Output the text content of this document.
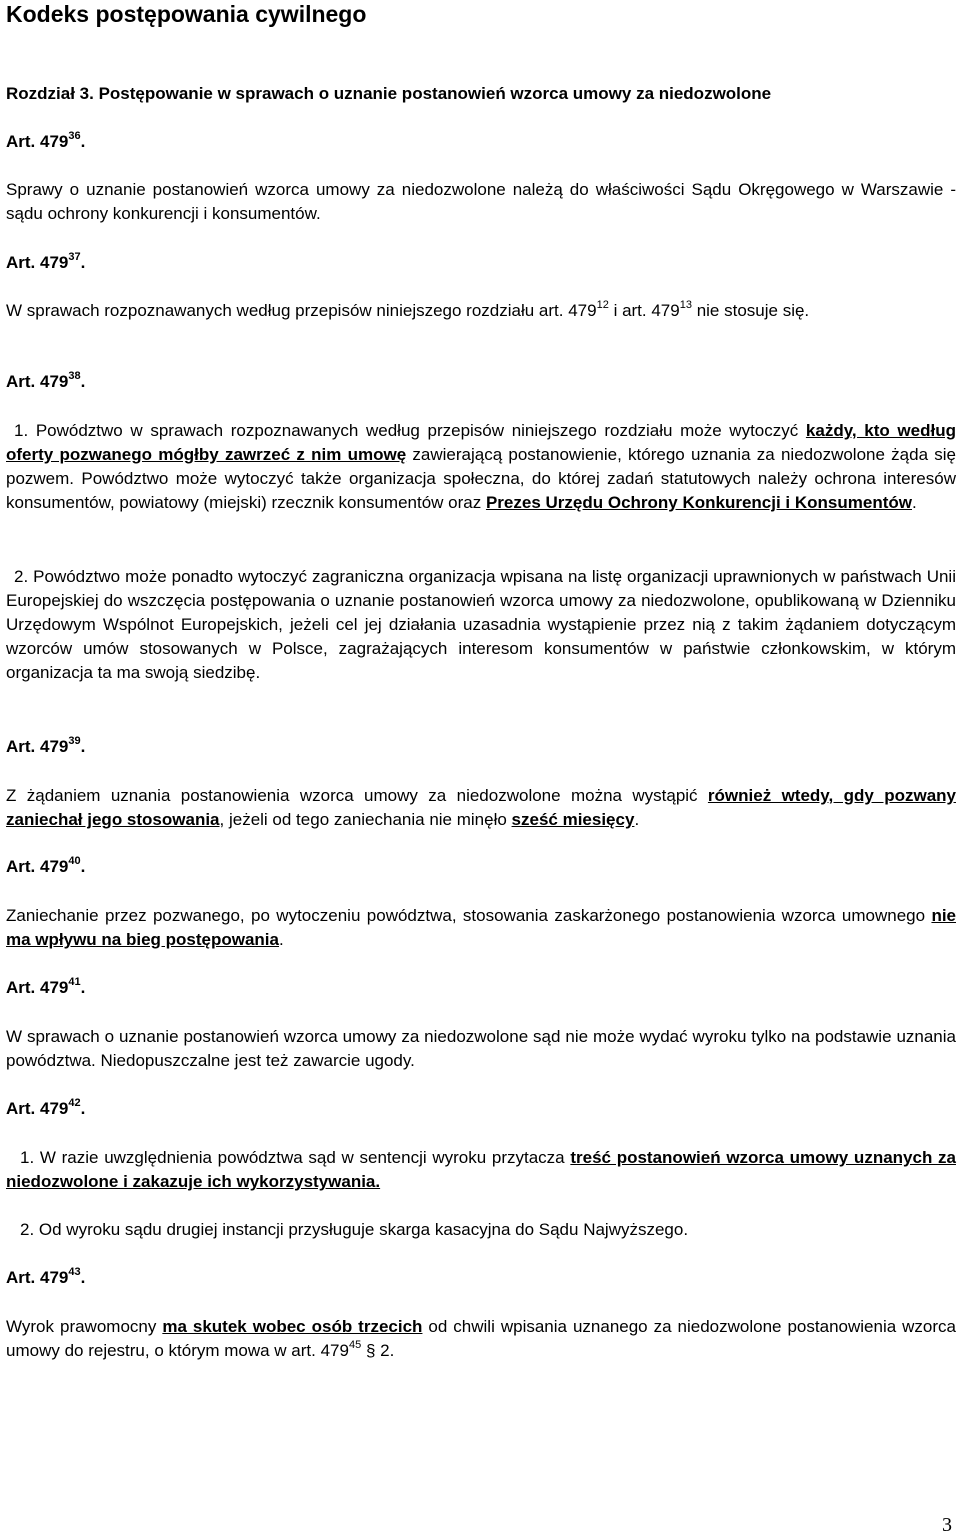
Kodeks postępowania cywilnego
Rozdział 3. Postępowanie w sprawach o uznanie postanowień wzorca umowy za niedozwolone
Art. $479^{36}$.
Sprawy o uznanie postanowień wzorca umowy za niedozwolone należą do właściwości Sądu Okręgowego w Warszawie - sądu ochrony konkurencji i konsumentów.
Art. $479^{37}$.
W sprawach rozpoznawanych według przepisów niniejszego rozdziału art. $479^{12}$ i art. $479^{13}$ nie stosuje się.
Art. $479^{38}$.
1. Powództwo w sprawach rozpoznawanych według przepisów niniejszego rozdziału może wytoczyć każdy, kto według oferty pozwanego mógłby zawrzeć z nim umowę zawierającą postanowienie, którego uznania za niedozwolone żąda się pozwem. Powództwo może wytoczyć także organizacja społeczna, do której zadań statutowych należy ochrona interesów konsumentów, powiatowy (miejski) rzecznik konsumentów oraz Prezes Urzędu Ochrony Konkurencji i Konsumentów.
2. Powództwo może ponadto wytoczyć zagraniczna organizacja wpisana na listę organizacji uprawnionych w państwach Unii Europejskiej do wszczęcia postępowania o uznanie postanowień wzorca umowy za niedozwolone, opublikowaną w Dzienniku Urzędowym Wspólnot Europejskich, jeżeli cel jej działania uzasadnia wystąpienie przez nią z takim żądaniem dotyczącym wzorców umów stosowanych w Polsce, zagrażających interesom konsumentów w państwie członkowskim, w którym organizacja ta ma swoją siedzibę.
Art. $479^{39}$.
Z żądaniem uznania postanowienia wzorca umowy za niedozwolone można wystąpić również wtedy, gdy pozwany zaniechał jego stosowania, jeżeli od tego zaniechania nie minęło sześć miesięcy.
Art. $479^{40}$.
Zaniechanie przez pozwanego, po wytoczeniu powództwa, stosowania zaskarżonego postanowienia wzorca umownego nie ma wpływu na bieg postępowania.
Art. $479^{41}$.
W sprawach o uznanie postanowień wzorca umowy za niedozwolone sąd nie może wydać wyroku tylko na podstawie uznania powództwa. Niedopuszczalne jest też zawarcie ugody.
Art. $479^{42}$.
1. W razie uwzględnienia powództwa sąd w sentencji wyroku przytacza treść postanowień wzorca umowy uznanych za niedozwolone i zakazuje ich wykorzystywania.
2. Od wyroku sądu drugiej instancji przysługuje skarga kasacyjna do Sądu Najwyższego.
Art. $479^{43}$.
Wyrok prawomocny ma skutek wobec osób trzecich od chwili wpisania uznanego za niedozwolone postanowienia wzorca umowy do rejestru, o którym mowa w art. $479^{45}$ § 2.
3
